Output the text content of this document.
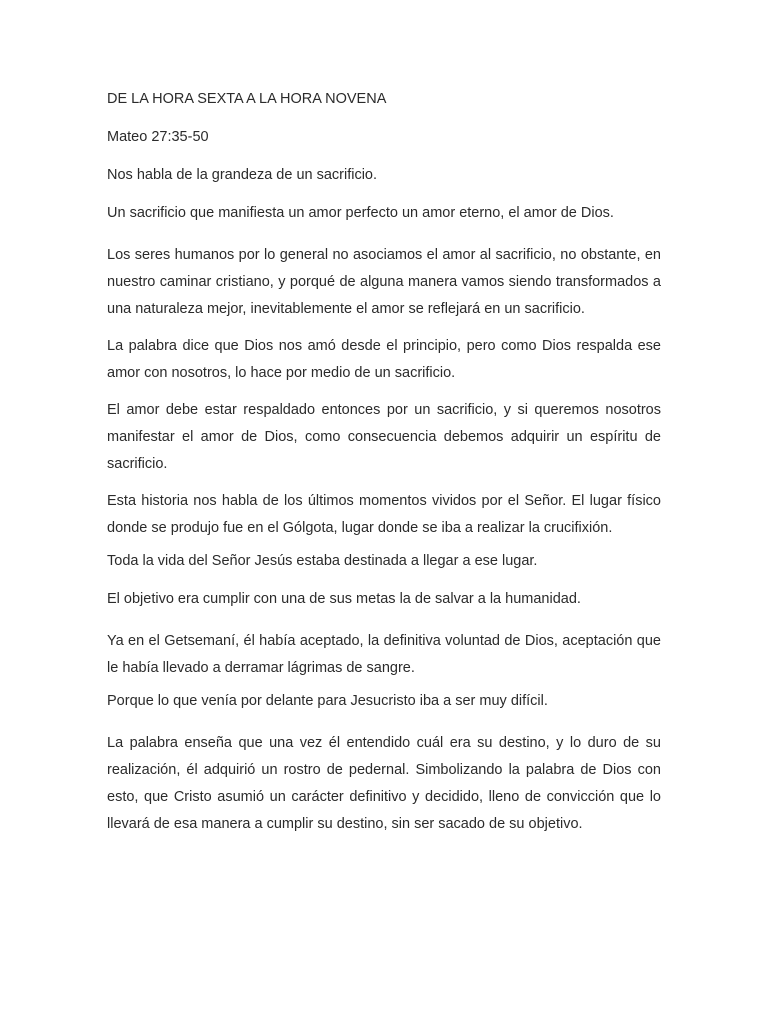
DE LA HORA SEXTA A LA HORA NOVENA
Mateo 27:35-50
Nos habla de la grandeza de un sacrificio.
Un sacrificio que manifiesta un amor perfecto un amor eterno, el amor de Dios.
Los seres humanos por lo general no asociamos el amor al sacrificio, no obstante, en nuestro caminar cristiano, y porqué de alguna manera vamos siendo transformados a una naturaleza mejor, inevitablemente el amor se reflejará en un sacrificio.
La palabra dice que Dios nos amó desde el principio, pero como Dios respalda ese amor con nosotros, lo hace por medio de un sacrificio.
El amor debe estar respaldado entonces por un sacrificio, y si queremos nosotros manifestar el amor de Dios, como consecuencia debemos adquirir un espíritu de sacrificio.
Esta historia nos habla de los últimos momentos vividos por el Señor. El lugar físico donde se produjo fue en el Gólgota, lugar donde se iba a realizar la crucifixión.
Toda la vida del Señor Jesús estaba destinada a llegar a ese lugar.
El objetivo era cumplir con una de sus metas la de salvar a la humanidad.
Ya en el Getsemaní, él había aceptado, la definitiva voluntad de Dios, aceptación que le había llevado a derramar lágrimas de sangre.
Porque lo que venía por delante para Jesucristo iba a ser muy difícil.
La palabra enseña que una vez él entendido cuál era su destino, y lo duro de su realización, él adquirió un rostro de pedernal. Simbolizando la palabra de Dios con esto, que Cristo asumió un carácter definitivo y decidido, lleno de convicción que lo llevará de esa manera a cumplir su destino, sin ser sacado de su objetivo.
